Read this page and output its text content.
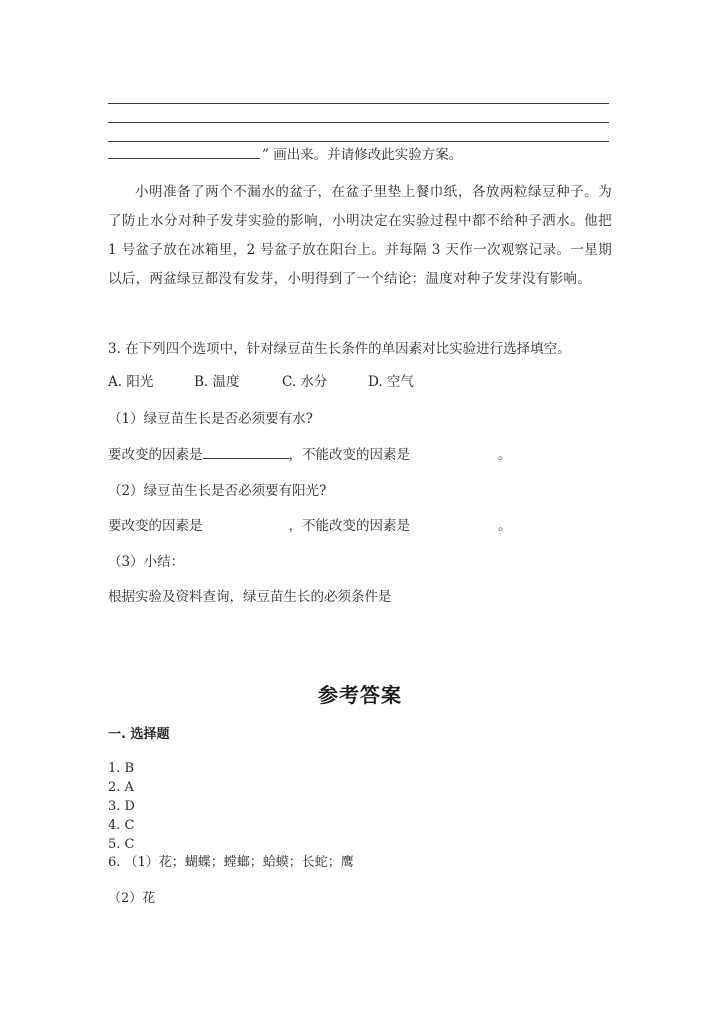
” 画出来。并请修改此实验方案。
小明准备了两个不漏水的盆子，在盆子里垫上餐巾纸，各放两粒绿豆种子。为了防止水分对种子发芽实验的影响，小明决定在实验过程中都不给种子洒水。他把 1 号盆子放在冰箱里，2 号盆子放在阳台上。并每隔 3 天作一次观察记录。一星期以后，两盆绿豆都没有发芽，小明得到了一个结论：温度对种子发芽没有影响。
3. 在下列四个选项中，针对绿豆苗生长条件的单因素对比实验进行选择填空。
A. 阳光	B. 温度	C. 水分	D. 空气
（1）绿豆苗生长是否必须要有水?
要改变的因素是	，不能改变的因素是	。
（2）绿豆苗生长是否必须要有阳光?
要改变的因素是	，不能改变的因素是	。
（3）小结：
根据实验及资料查询，绿豆苗生长的必须条件是
参考答案
一. 选择题
1. B
2. A
3. D
4. C
5. C
6. （1）花；蝴蝶；螳螂；蛤蟆；长蛇；鹰
（2）花
